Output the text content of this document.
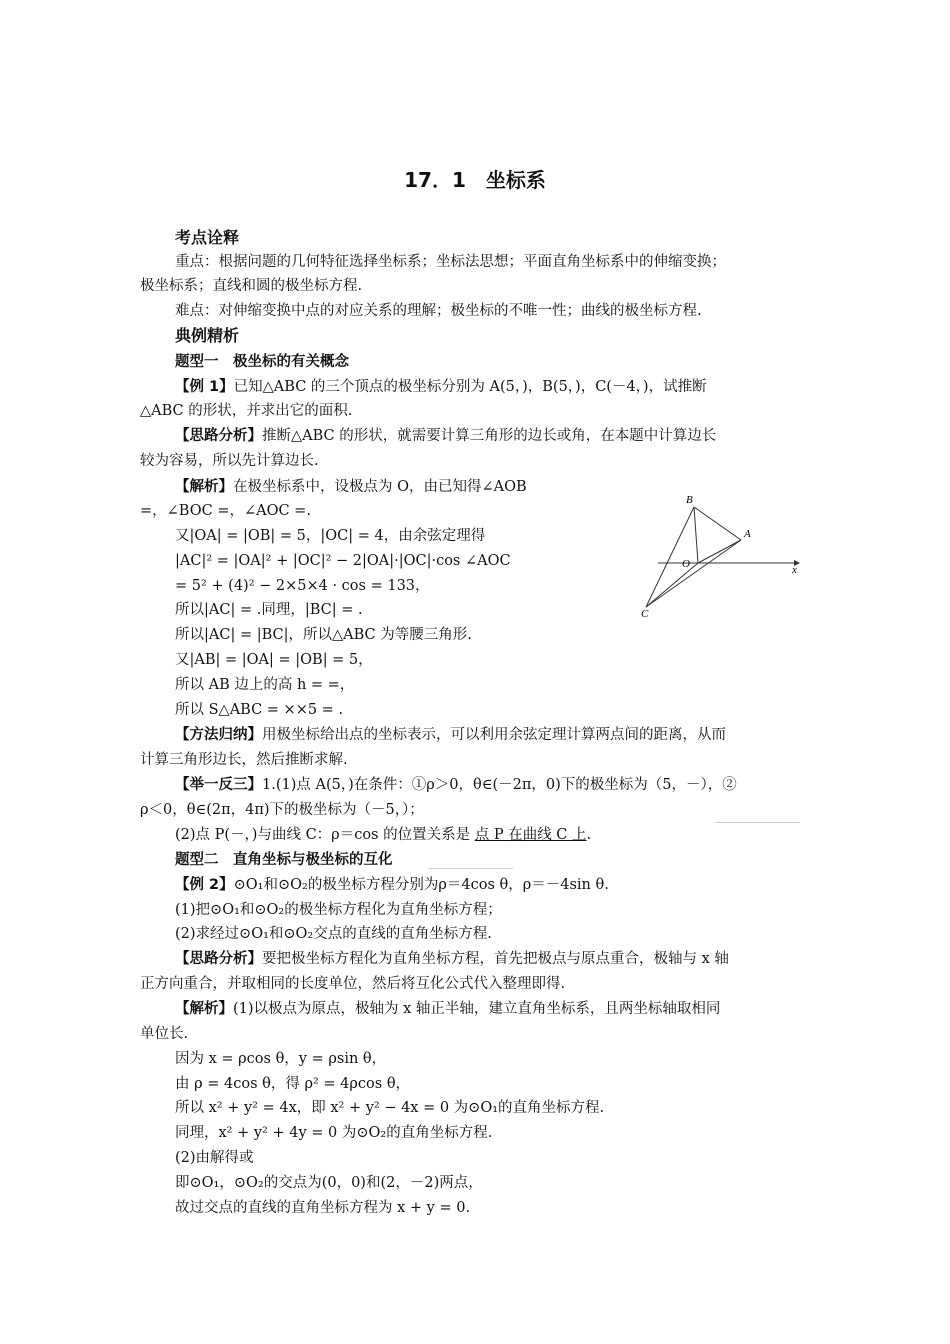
17．1　坐标系
考点诠释
重点：根据问题的几何特征选择坐标系；坐标法思想；平面直角坐标系中的伸缩变换；
极坐标系；直线和圆的极坐标方程.
难点：对伸缩变换中点的对应关系的理解；极坐标的不唯一性；曲线的极坐标方程.
典例精析
题型一　极坐标的有关概念
【例 1】已知△ABC 的三个顶点的极坐标分别为 A(5，)，B(5，)，C(－4，)，试推断
△ABC 的形状，并求出它的面积.
【思路分析】推断△ABC 的形状，就需要计算三角形的边长或角，在本题中计算边长
较为容易，所以先计算边长.
【解析】在极坐标系中，设极点为 O，由已知得∠AOB
=，∠BOC =，∠AOC =.
又|OA| = |OB| = 5，|OC| = 4，由余弦定理得
|AC|² = |OA|² + |OC|² − 2|OA|·|OC|·cos ∠AOC
= 5² + (4)² − 2×5×4 · cos = 133，
所以|AC| = .同理，|BC| = .
所以|AC| = |BC|，所以△ABC 为等腰三角形.
又|AB| = |OA| = |OB| = 5，
所以 AB 边上的高 h = =，
所以 S△ABC = ××5 = .
B
A
O
C
x
【方法归纳】用极坐标给出点的坐标表示，可以利用余弦定理计算两点间的距离，从而
计算三角形边长，然后推断求解.
【举一反三】1.(1)点 A(5，)在条件：①ρ＞0，θ∈(－2π，0)下的极坐标为（5，－），②
ρ＜0，θ∈(2π，4π)下的极坐标为（－5，）；
(2)点 P(－，)与曲线 C：ρ＝cos 的位置关系是 点 P 在曲线 C 上.
题型二　直角坐标与极坐标的互化
【例 2】⊙O₁和⊙O₂的极坐标方程分别为ρ＝4cos θ，ρ＝－4sin θ.
(1)把⊙O₁和⊙O₂的极坐标方程化为直角坐标方程；
(2)求经过⊙O₁和⊙O₂交点的直线的直角坐标方程.
【思路分析】要把极坐标方程化为直角坐标方程，首先把极点与原点重合，极轴与 x 轴
正方向重合，并取相同的长度单位，然后将互化公式代入整理即得.
【解析】(1)以极点为原点，极轴为 x 轴正半轴，建立直角坐标系，且两坐标轴取相同
单位长.
因为 x = ρcos θ，y = ρsin θ，
由 ρ = 4cos θ，得 ρ² = 4ρcos θ，
所以 x² + y² = 4x，即 x² + y² − 4x = 0 为⊙O₁的直角坐标方程.
同理，x² + y² + 4y = 0 为⊙O₂的直角坐标方程.
(2)由解得或
即⊙O₁，⊙O₂的交点为(0，0)和(2，－2)两点，
故过交点的直线的直角坐标方程为 x + y = 0.
